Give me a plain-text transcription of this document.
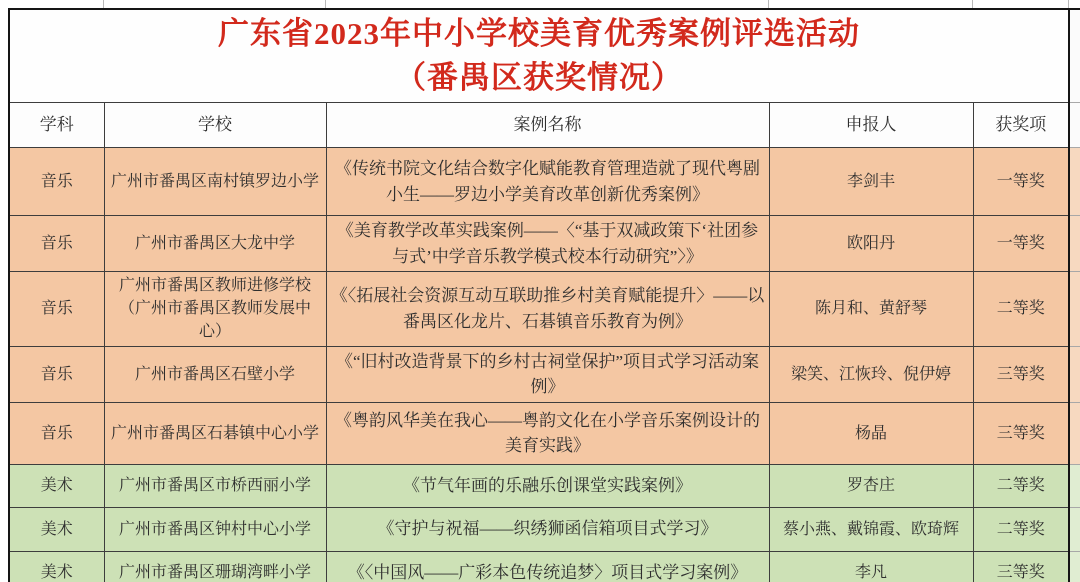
广东省2023年中小学校美育优秀案例评选活动
（番禺区获奖情况）					

学科	学校	案例名称	申报人	获奖项	
音乐	广州市番禺区南村镇罗边小学	《传统书院文化结合数字化赋能教育管理造就了现代粤剧小生——罗边小学美育改革创新优秀案例》	李剑丰	一等奖	
音乐	广州市番禺区大龙中学	《美育教学改革实践案例——〈“基于双减政策下‘社团参与式’中学音乐教学模式校本行动研究”〉》	欧阳丹	一等奖	
音乐	广州市番禺区教师进修学校（广州市番禺区教师发展中心）	《〈拓展社会资源互动互联助推乡村美育赋能提升〉——以番禺区化龙片、石碁镇音乐教育为例》	陈月和、黄舒琴	二等奖	
音乐	广州市番禺区石壁小学	《“旧村改造背景下的乡村古祠堂保护”项目式学习活动案例》	梁笑、江恢玲、倪伊婷	三等奖	
音乐	广州市番禺区石碁镇中心小学	《粤韵风华美在我心——粤韵文化在小学音乐案例设计的美育实践》	杨晶	三等奖	
美术	广州市番禺区市桥西丽小学	《节气年画的乐融乐创课堂实践案例》	罗杏庄	二等奖	
美术	广州市番禺区钟村中心小学	《守护与祝福——织绣狮函信箱项目式学习》	蔡小燕、戴锦霞、欧琦辉	二等奖	
美术	广州市番禺区珊瑚湾畔小学	《〈中国风——广彩本色传统追梦〉项目式学习案例》	李凡	三等奖	
